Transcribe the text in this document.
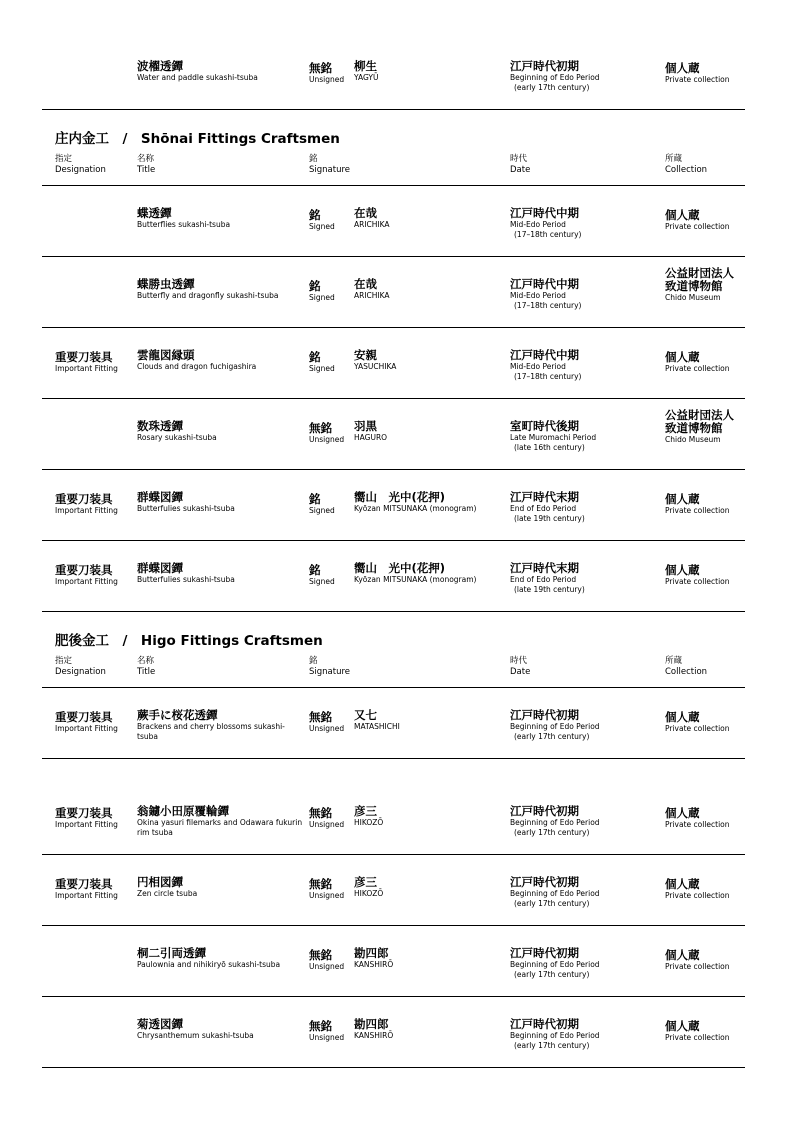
波櫂透鐔
Water and paddle sukashi-tsuba
無銘
Unsigned
柳生
YAGYŪ
江戸時代初期
Beginning of Edo Period
(early 17th century)
個人蔵
Private collection
庄内金工　/　Shōnai Fittings Craftsmen
指定
Designation
名称
Title
銘
Signature
時代
Date
所蔵
Collection
蝶透鐔
Butterflies sukashi-tsuba
銘
Signed
在哉
ARICHIKA
江戸時代中期
Mid-Edo Period
(17–18th century)
個人蔵
Private collection
蝶勝虫透鐔
Butterfly and dragonfly sukashi-tsuba
銘
Signed
在哉
ARICHIKA
江戸時代中期
Mid-Edo Period
(17–18th century)
公益財団法人
致道博物館
Chido Museum
重要刀装具
Important Fitting
雲龍図縁頭
Clouds and dragon fuchigashira
銘
Signed
安親
YASUCHIKA
江戸時代中期
Mid-Edo Period
(17–18th century)
個人蔵
Private collection
数珠透鐔
Rosary sukashi-tsuba
無銘
Unsigned
羽黒
HAGURO
室町時代後期
Late Muromachi Period
(late 16th century)
公益財団法人
致道博物館
Chido Museum
重要刀装具
Important Fitting
群蝶図鐔
Butterfulies sukashi-tsuba
銘
Signed
嚮山　光中(花押)
Kyōzan MITSUNAKA (monogram)
江戸時代末期
End of Edo Period
(late 19th century)
個人蔵
Private collection
重要刀装具
Important Fitting
群蝶図鐔
Butterfulies sukashi-tsuba
銘
Signed
嚮山　光中(花押)
Kyōzan MITSUNAKA (monogram)
江戸時代末期
End of Edo Period
(late 19th century)
個人蔵
Private collection
肥後金工　/　Higo Fittings Craftsmen
指定
Designation
名称
Title
銘
Signature
時代
Date
所蔵
Collection
重要刀装具
Important Fitting
蕨手に桜花透鐔
Brackens and cherry blossoms sukashi-tsuba
無銘
Unsigned
又七
MATASHICHI
江戸時代初期
Beginning of Edo Period
(early 17th century)
個人蔵
Private collection
重要刀装具
Important Fitting
翁鑢小田原覆輪鐔
Okina yasuri filemarks and Odawara fukurin rim tsuba
無銘
Unsigned
彦三
HIKOZŌ
江戸時代初期
Beginning of Edo Period
(early 17th century)
個人蔵
Private collection
重要刀装具
Important Fitting
円相図鐔
Zen circle tsuba
無銘
Unsigned
彦三
HIKOZŌ
江戸時代初期
Beginning of Edo Period
(early 17th century)
個人蔵
Private collection
桐二引両透鐔
Paulownia and nihikiryō sukashi-tsuba
無銘
Unsigned
勘四郎
KANSHIRŌ
江戸時代初期
Beginning of Edo Period
(early 17th century)
個人蔵
Private collection
菊透図鐔
Chrysanthemum sukashi-tsuba
無銘
Unsigned
勘四郎
KANSHIRŌ
江戸時代初期
Beginning of Edo Period
(early 17th century)
個人蔵
Private collection
